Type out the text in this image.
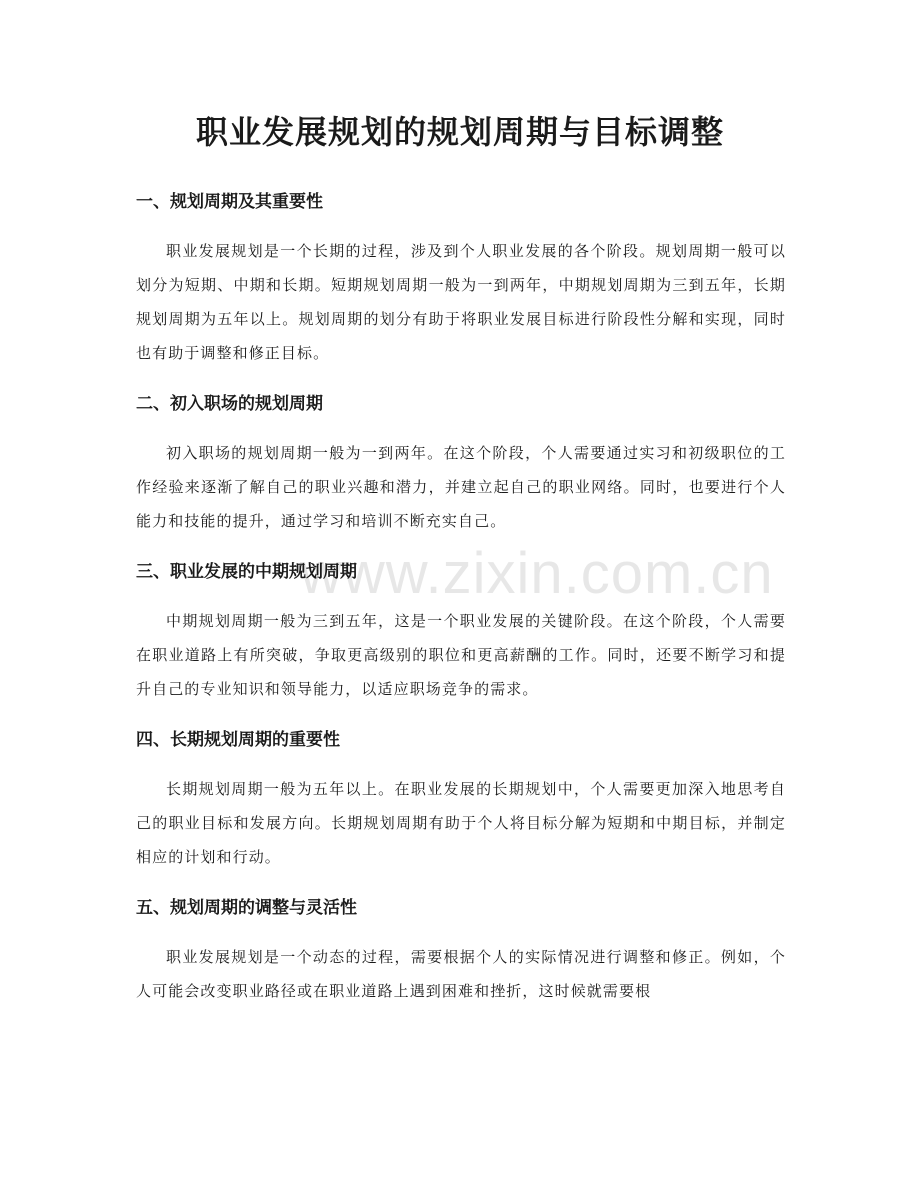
职业发展规划的规划周期与目标调整
www.zixin.com.cn
一、规划周期及其重要性

职业发展规划是一个长期的过程，涉及到个人职业发展的各个阶段。规划周期一般可以划分为短期、中期和长期。短期规划周期一般为一到两年，中期规划周期为三到五年，长期规划周期为五年以上。规划周期的划分有助于将职业发展目标进行阶段性分解和实现，同时也有助于调整和修正目标。

二、初入职场的规划周期

初入职场的规划周期一般为一到两年。在这个阶段，个人需要通过实习和初级职位的工作经验来逐渐了解自己的职业兴趣和潜力，并建立起自己的职业网络。同时，也要进行个人能力和技能的提升，通过学习和培训不断充实自己。

三、职业发展的中期规划周期

中期规划周期一般为三到五年，这是一个职业发展的关键阶段。在这个阶段，个人需要在职业道路上有所突破，争取更高级别的职位和更高薪酬的工作。同时，还要不断学习和提升自己的专业知识和领导能力，以适应职场竞争的需求。

四、长期规划周期的重要性

长期规划周期一般为五年以上。在职业发展的长期规划中，个人需要更加深入地思考自己的职业目标和发展方向。长期规划周期有助于个人将目标分解为短期和中期目标，并制定相应的计划和行动。

五、规划周期的调整与灵活性

职业发展规划是一个动态的过程，需要根据个人的实际情况进行调整和修正。例如，个人可能会改变职业路径或在职业道路上遇到困难和挫折，这时候就需要根
